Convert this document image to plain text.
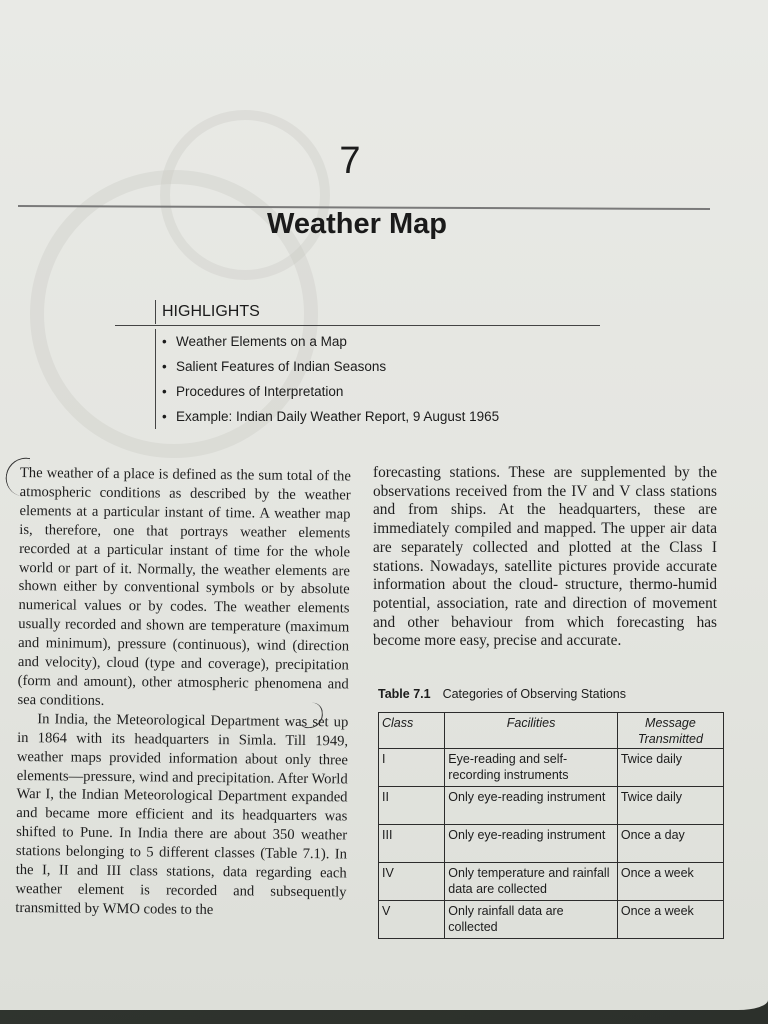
7
Weather Map
HIGHLIGHTS
• Weather Elements on a Map
• Salient Features of Indian Seasons
• Procedures of Interpretation
• Example: Indian Daily Weather Report, 9 August 1965

The weather of a place is defined as the sum total of the atmospheric conditions as described by the weather elements at a particular instant of time. A weather map is, therefore, one that portrays weather elements recorded at a particular instant of time for the whole world or part of it. Normally, the weather elements are shown either by conventional symbols or by absolute numerical values or by codes. The weather elements usually recorded and shown are temperature (maximum and minimum), pressure (continuous), wind (direction and velocity), cloud (type and coverage), precipitation (form and amount), other atmospheric phenomena and sea conditions.

In India, the Meteorological Department was set up in 1864 with its headquarters in Simla. Till 1949, weather maps provided information about only three elements—pressure, wind and precipitation. After World War I, the Indian Meteorological Department expanded and became more efficient and its headquarters was shifted to Pune. In India there are about 350 weather stations belonging to 5 different classes (Table 7.1). In the I, II and III class stations, data regarding each weather element is recorded and subsequently transmitted by WMO codes to the

forecasting stations. These are supplemented by the observations received from the IV and V class stations and from ships. At the headquarters, these are immediately compiled and mapped. The upper air data are separately collected and plotted at the Class I stations. Nowadays, satellite pictures provide accurate information about the cloud- structure, thermo-humid potential, association, rate and direction of movement and other behaviour from which forecasting has become more easy, precise and accurate.

Table 7.1 Categories of Observing Stations
Class	Facilities	Message Transmitted
I	Eye-reading and self-recording instruments	Twice daily
II	Only eye-reading instrument	Twice daily
III	Only eye-reading instrument	Once a day
IV	Only temperature and rainfall data are collected	Once a week
V	Only rainfall data are collected	Once a week
